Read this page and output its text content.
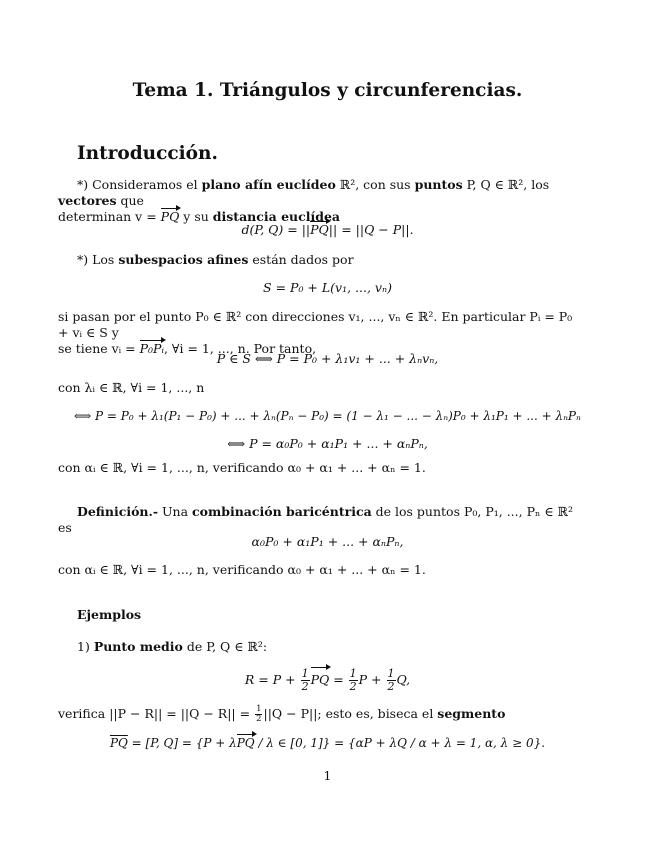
Tema 1. Triángulos y circunferencias.
Introducción.
*) Consideramos el plano afín euclídeo ℝ², con sus puntos P, Q ∈ ℝ², los vectores que
determinan v = PQ y su distancia euclídea
d(P, Q) = ||PQ|| = ||Q − P||.
*) Los subespacios afines están dados por
S = P₀ + L(v₁, ..., vₙ)
si pasan por el punto P₀ ∈ ℝ² con direcciones v₁, ..., vₙ ∈ ℝ². En particular Pᵢ = P₀ + vᵢ ∈ S y
se tiene vᵢ = P₀Pᵢ, ∀i = 1, ..., n. Por tanto,
P ∈ S ⟺ P = P₀ + λ₁v₁ + ... + λₙvₙ,
con λᵢ ∈ ℝ, ∀i = 1, ..., n
⟺ P = P₀ + λ₁(P₁ − P₀) + ... + λₙ(Pₙ − P₀) = (1 − λ₁ − ... − λₙ)P₀ + λ₁P₁ + ... + λₙPₙ
⟺ P = α₀P₀ + α₁P₁ + ... + αₙPₙ,
con αᵢ ∈ ℝ, ∀i = 1, ..., n, verificando α₀ + α₁ + ... + αₙ = 1.
Definición.- Una combinación baricéntrica de los puntos P₀, P₁, ..., Pₙ ∈ ℝ² es
α₀P₀ + α₁P₁ + ... + αₙPₙ,
con αᵢ ∈ ℝ, ∀i = 1, ..., n, verificando α₀ + α₁ + ... + αₙ = 1.
Ejemplos
1) Punto medio de P, Q ∈ ℝ²:
$R = P + \frac{1}{2}$ PQ = $\frac{1}{2}$ $P + \frac{1}{2} Q$,
verifica $||P - R|| = ||Q - R|| = \frac{1}{2} ||Q - P||$; esto es, biseca el segmento
$\overline{PQ} = [P$, Q] = {P + λPQ / λ ∈ [0, 1]} = {αP + λQ / α + λ = 1, α, λ ≥ 0}.
1
